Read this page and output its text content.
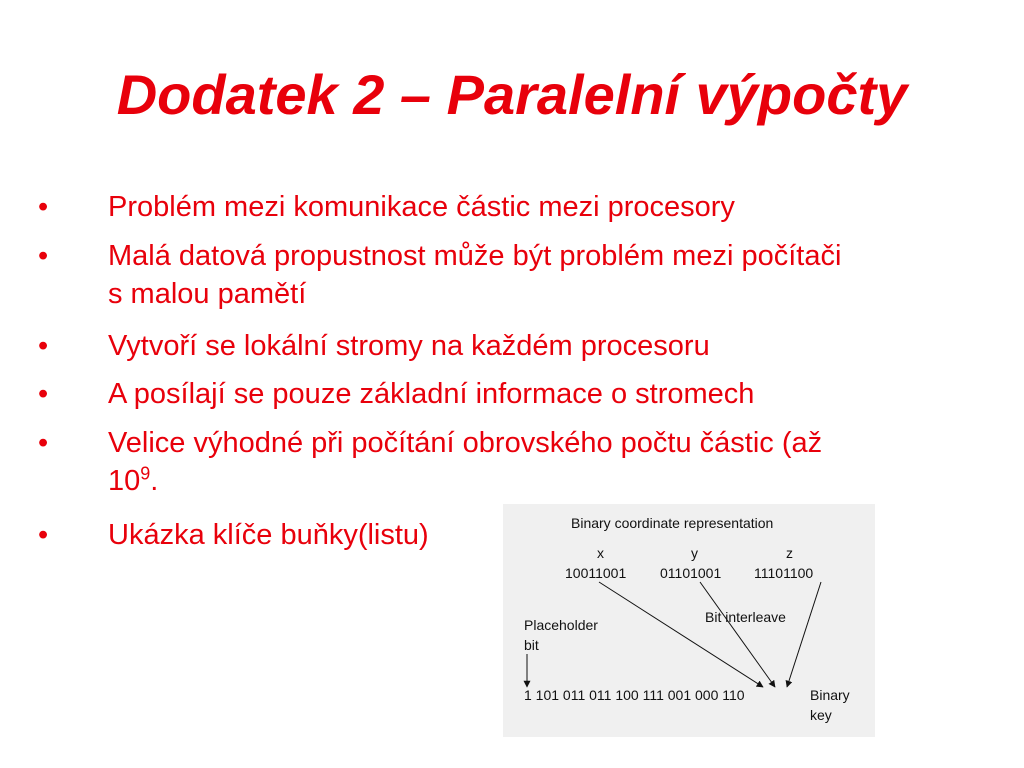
Dodatek 2 – Paralelní výpočty
• Problém mezi komunikace částic mezi procesory
• Malá datová propustnost může být problém mezi počítači
s malou pamětí
• Vytvoří se lokální stromy na každém procesoru
• A posílají se pouze základní informace o stromech
• Velice výhodné při počítání obrovského počtu částic (až
$10^9$.
• Ukázka klíče buňky(listu)	Binary coordinate representation
x	y	z
10011001 01101001 11101100
Bit interleave
Placeholder
bit
1 101 011 011 100 111 001 000 110	Binary
key
